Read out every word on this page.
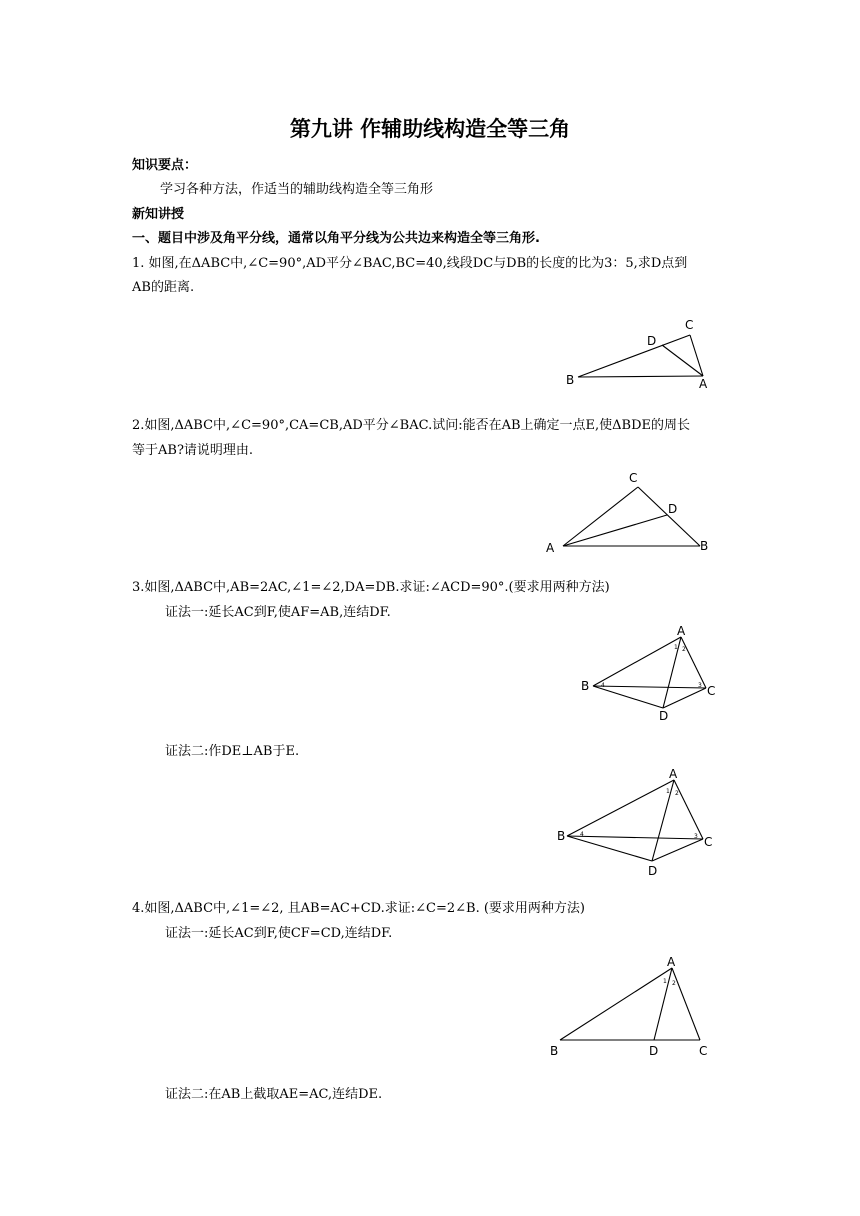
第九讲 作辅助线构造全等三角
知识要点：
学习各种方法，作适当的辅助线构造全等三角形
新知讲授
一、题目中涉及角平分线，通常以角平分线为公共边来构造全等三角形.
1. 如图,在ΔABC中,∠C=90°,AD平分∠BAC,BC=40,线段DC与DB的长度的比为3：5,求D点到
AB的距离.
B
D
C
A
2.如图,ΔABC中,∠C=90°,CA=CB,AD平分∠BAC.试问:能否在AB上确定一点E,使ΔBDE的周长
等于AB?请说明理由.
C
D
A	B
3.如图,ΔABC中,AB=2AC,∠1=∠2,DA=DB.求证:∠ACD=90°.(要求用两种方法)
证法一:延长AC到F,使AF=AB,连结DF.
A
B	C
D
1 2
3
4
证法二:作DE⊥AB于E.
A
B	C
D
1 2
3
4
4.如图,ΔABC中,∠1=∠2, 且AB=AC+CD.求证:∠C=2∠B. (要求用两种方法)
证法一:延长AC到F,使CF=CD,连结DF.
A
B	D	C
1 2
证法二:在AB上截取AE=AC,连结DE.
